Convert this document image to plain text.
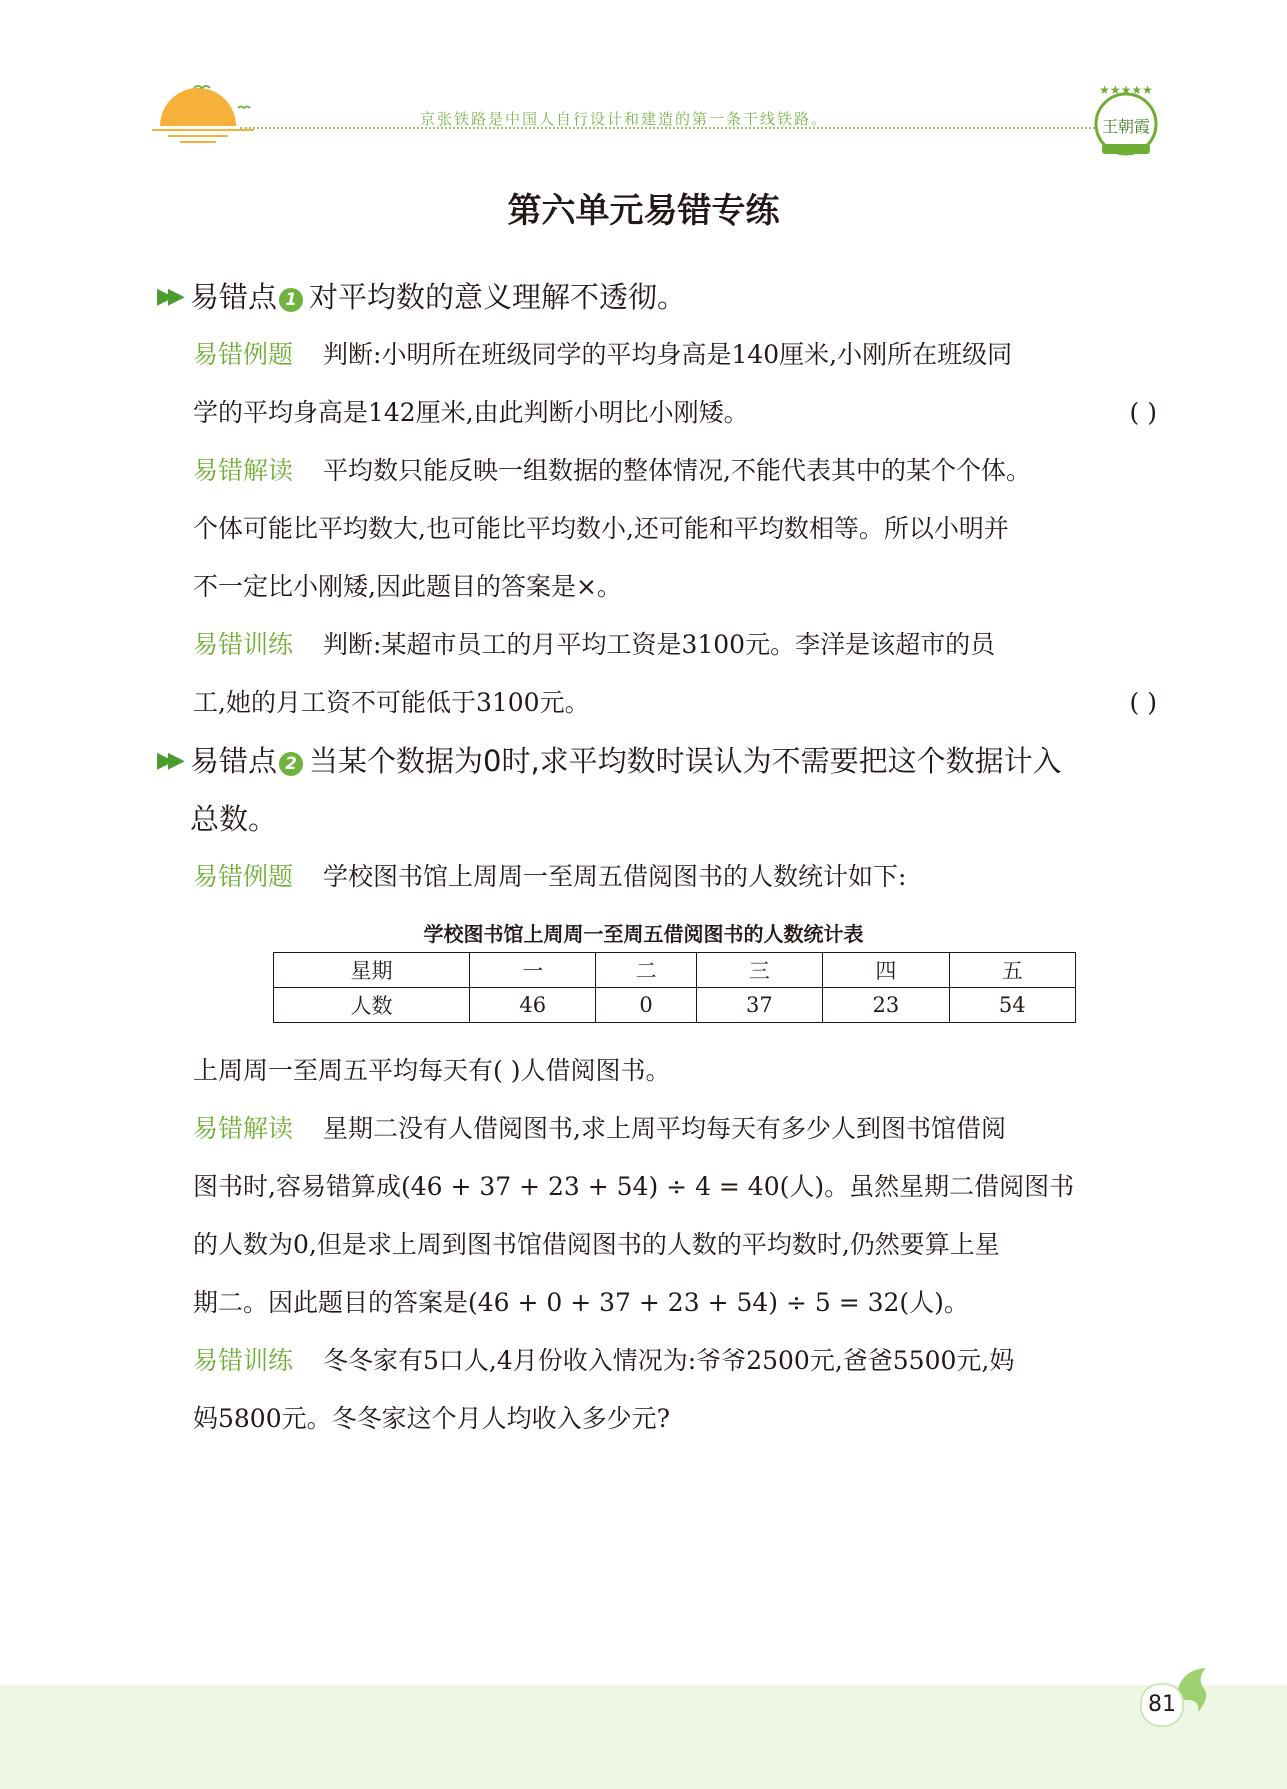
京张铁路是中国人自行设计和建造的第一条干线铁路。
★★★★★
王朝霞
第六单元易错专练
▶▶ 易错点 1 对平均数的意义理解不透彻。
易错例题 判断:小明所在班级同学的平均身高是140厘米,小刚所在班级同
学的平均身高是142厘米,由此判断小明比小刚矮。	( )
易错解读 平均数只能反映一组数据的整体情况,不能代表其中的某个个体。
个体可能比平均数大,也可能比平均数小,还可能和平均数相等。所以小明并
不一定比小刚矮,因此题目的答案是×。
易错训练 判断:某超市员工的月平均工资是3100元。李洋是该超市的员
工,她的月工资不可能低于3100元。	( )
▶▶ 易错点 2 当某个数据为0时,求平均数时误认为不需要把这个数据计入
总数。
易错例题 学校图书馆上周周一至周五借阅图书的人数统计如下:
学校图书馆上周周一至周五借阅图书的人数统计表
星期	一	二	三	四	五
人数	46	0	37	23	54
上周周一至周五平均每天有( )人借阅图书。
易错解读 星期二没有人借阅图书,求上周平均每天有多少人到图书馆借阅
图书时,容易错算成(46 + 37 + 23 + 54) ÷ 4 = 40(人)。虽然星期二借阅图书
的人数为0,但是求上周到图书馆借阅图书的人数的平均数时,仍然要算上星
期二。因此题目的答案是(46 + 0 + 37 + 23 + 54) ÷ 5 = 32(人)。
易错训练 冬冬家有5口人,4月份收入情况为:爷爷2500元,爸爸5500元,妈
妈5800元。冬冬家这个月人均收入多少元?
81
